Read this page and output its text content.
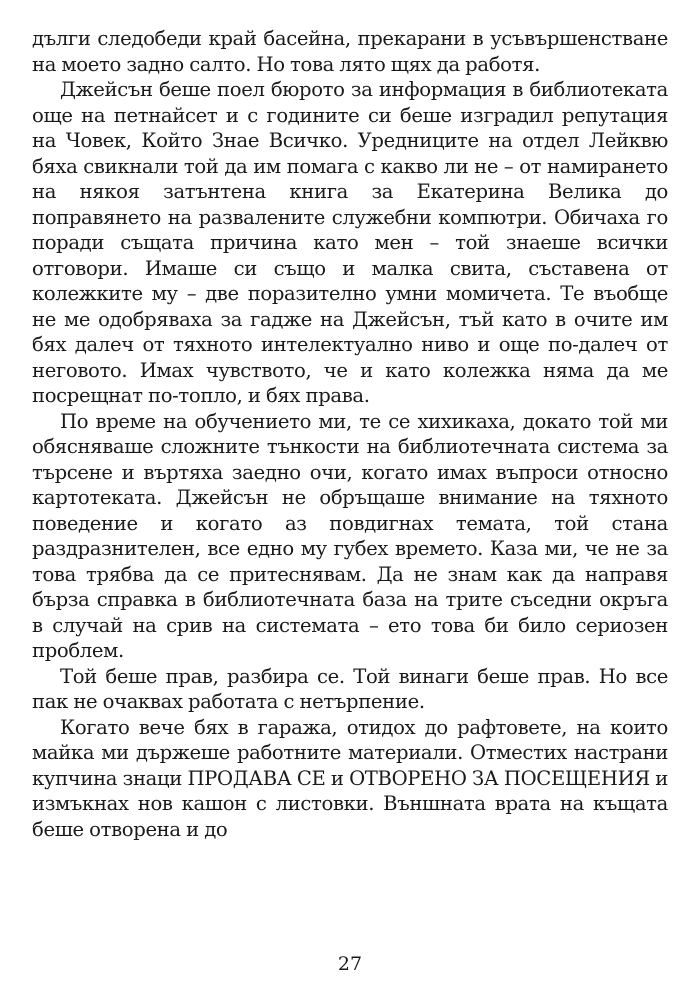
дълги следобеди край басейна, прекарани в усъвършенстване на моето задно салто. Но това лято щях да работя.

Джейсън беше поел бюрото за информация в библиотеката още на петнайсет и с годините си беше изградил репутация на Човек, Който Знае Всичко. Уредниците на отдел Лейквю бяха свикнали той да им помага с какво ли не – от намирането на някоя затънтена книга за Екатерина Велика до поправянето на развалените служебни компютри. Обичаха го поради същата причина като мен – той знаеше всички отговори. Имаше си също и малка свита, съставена от колежките му – две поразително умни момичета. Те въобще не ме одобряваха за гадже на Джейсън, тъй като в очите им бях далеч от тяхното интелектуално ниво и още по-далеч от неговото. Имах чувството, че и като колежка няма да ме посрещнат по-топло, и бях права.

По време на обучението ми, те се хихикаха, докато той ми обясняваше сложните тънкости на библиотечната система за търсене и въртяха заедно очи, когато имах въпроси относно картотеката. Джейсън не обръщаше внимание на тяхното поведение и когато аз повдигнах темата, той стана раздразнителен, все едно му губех времето. Каза ми, че не за това трябва да се притеснявам. Да не знам как да направя бърза справка в библиотечната база на трите съседни окръга в случай на срив на системата – ето това би било сериозен проблем.

Той беше прав, разбира се. Той винаги беше прав. Но все пак не очаквах работата с нетърпение.

Когато вече бях в гаража, отидох до рафтовете, на които майка ми държеше работните материали. Отместих настрани купчина знаци ПРОДАВА СЕ и ОТВОРЕНО ЗА ПОСЕЩЕНИЯ и измъкнах нов кашон с листовки. Външната врата на къщата беше отворена и до

27
